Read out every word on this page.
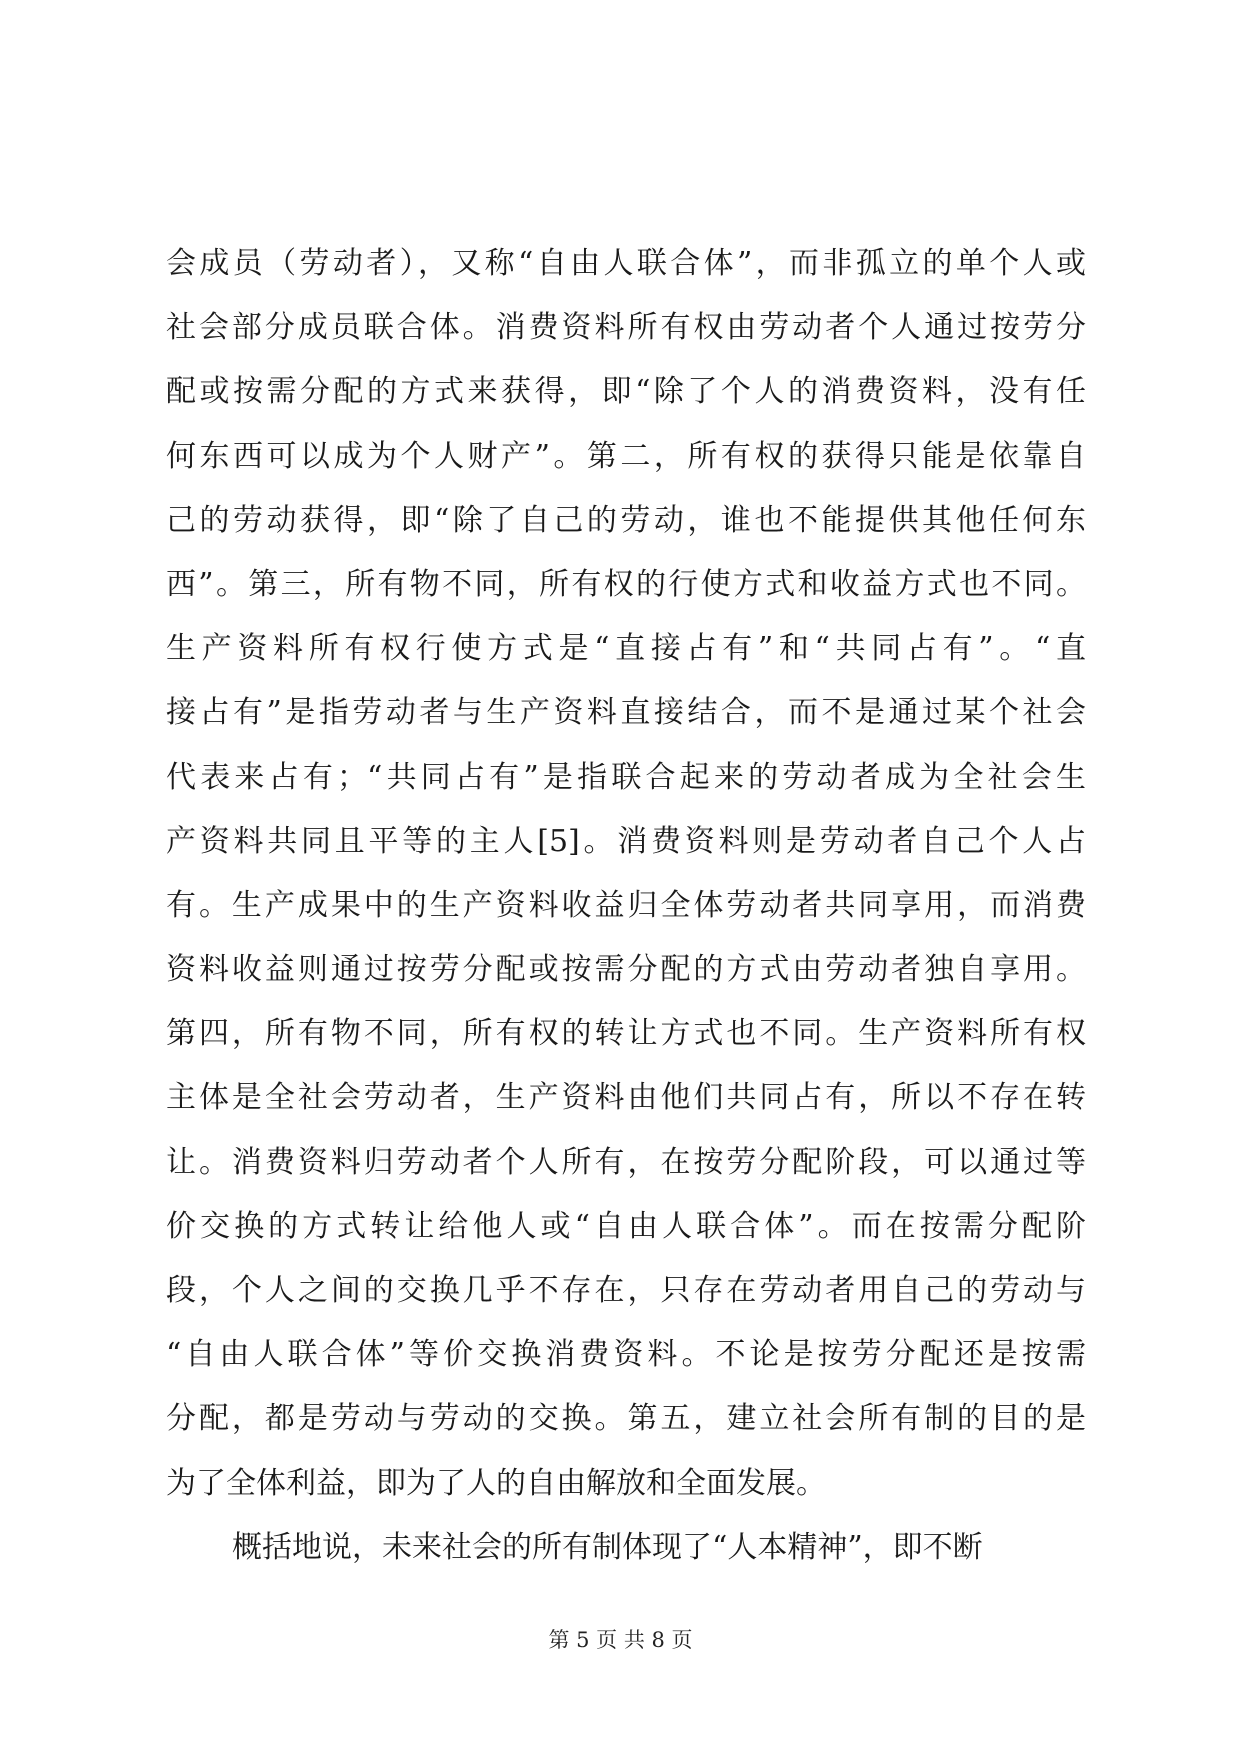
会成员（劳动者），又称“自由人联合体”，而非孤立的单个人或
社会部分成员联合体。消费资料所有权由劳动者个人通过按劳分
配或按需分配的方式来获得，即“除了个人的消费资料，没有任
何东西可以成为个人财产”。第二，所有权的获得只能是依靠自
己的劳动获得，即“除了自己的劳动，谁也不能提供其他任何东
西”。第三，所有物不同，所有权的行使方式和收益方式也不同。
生产资料所有权行使方式是“直接占有”和“共同占有”。“直
接占有”是指劳动者与生产资料直接结合，而不是通过某个社会
代表来占有；“共同占有”是指联合起来的劳动者成为全社会生
产资料共同且平等的主人[5]。消费资料则是劳动者自己个人占
有。生产成果中的生产资料收益归全体劳动者共同享用，而消费
资料收益则通过按劳分配或按需分配的方式由劳动者独自享用。
第四，所有物不同，所有权的转让方式也不同。生产资料所有权
主体是全社会劳动者，生产资料由他们共同占有，所以不存在转
让。消费资料归劳动者个人所有，在按劳分配阶段，可以通过等
价交换的方式转让给他人或“自由人联合体”。而在按需分配阶
段，个人之间的交换几乎不存在，只存在劳动者用自己的劳动与
“自由人联合体”等价交换消费资料。不论是按劳分配还是按需
分配，都是劳动与劳动的交换。第五，建立社会所有制的目的是
为了全体利益，即为了人的自由解放和全面发展。
概括地说，未来社会的所有制体现了“人本精神”，即不断
第 5 页 共 8 页
